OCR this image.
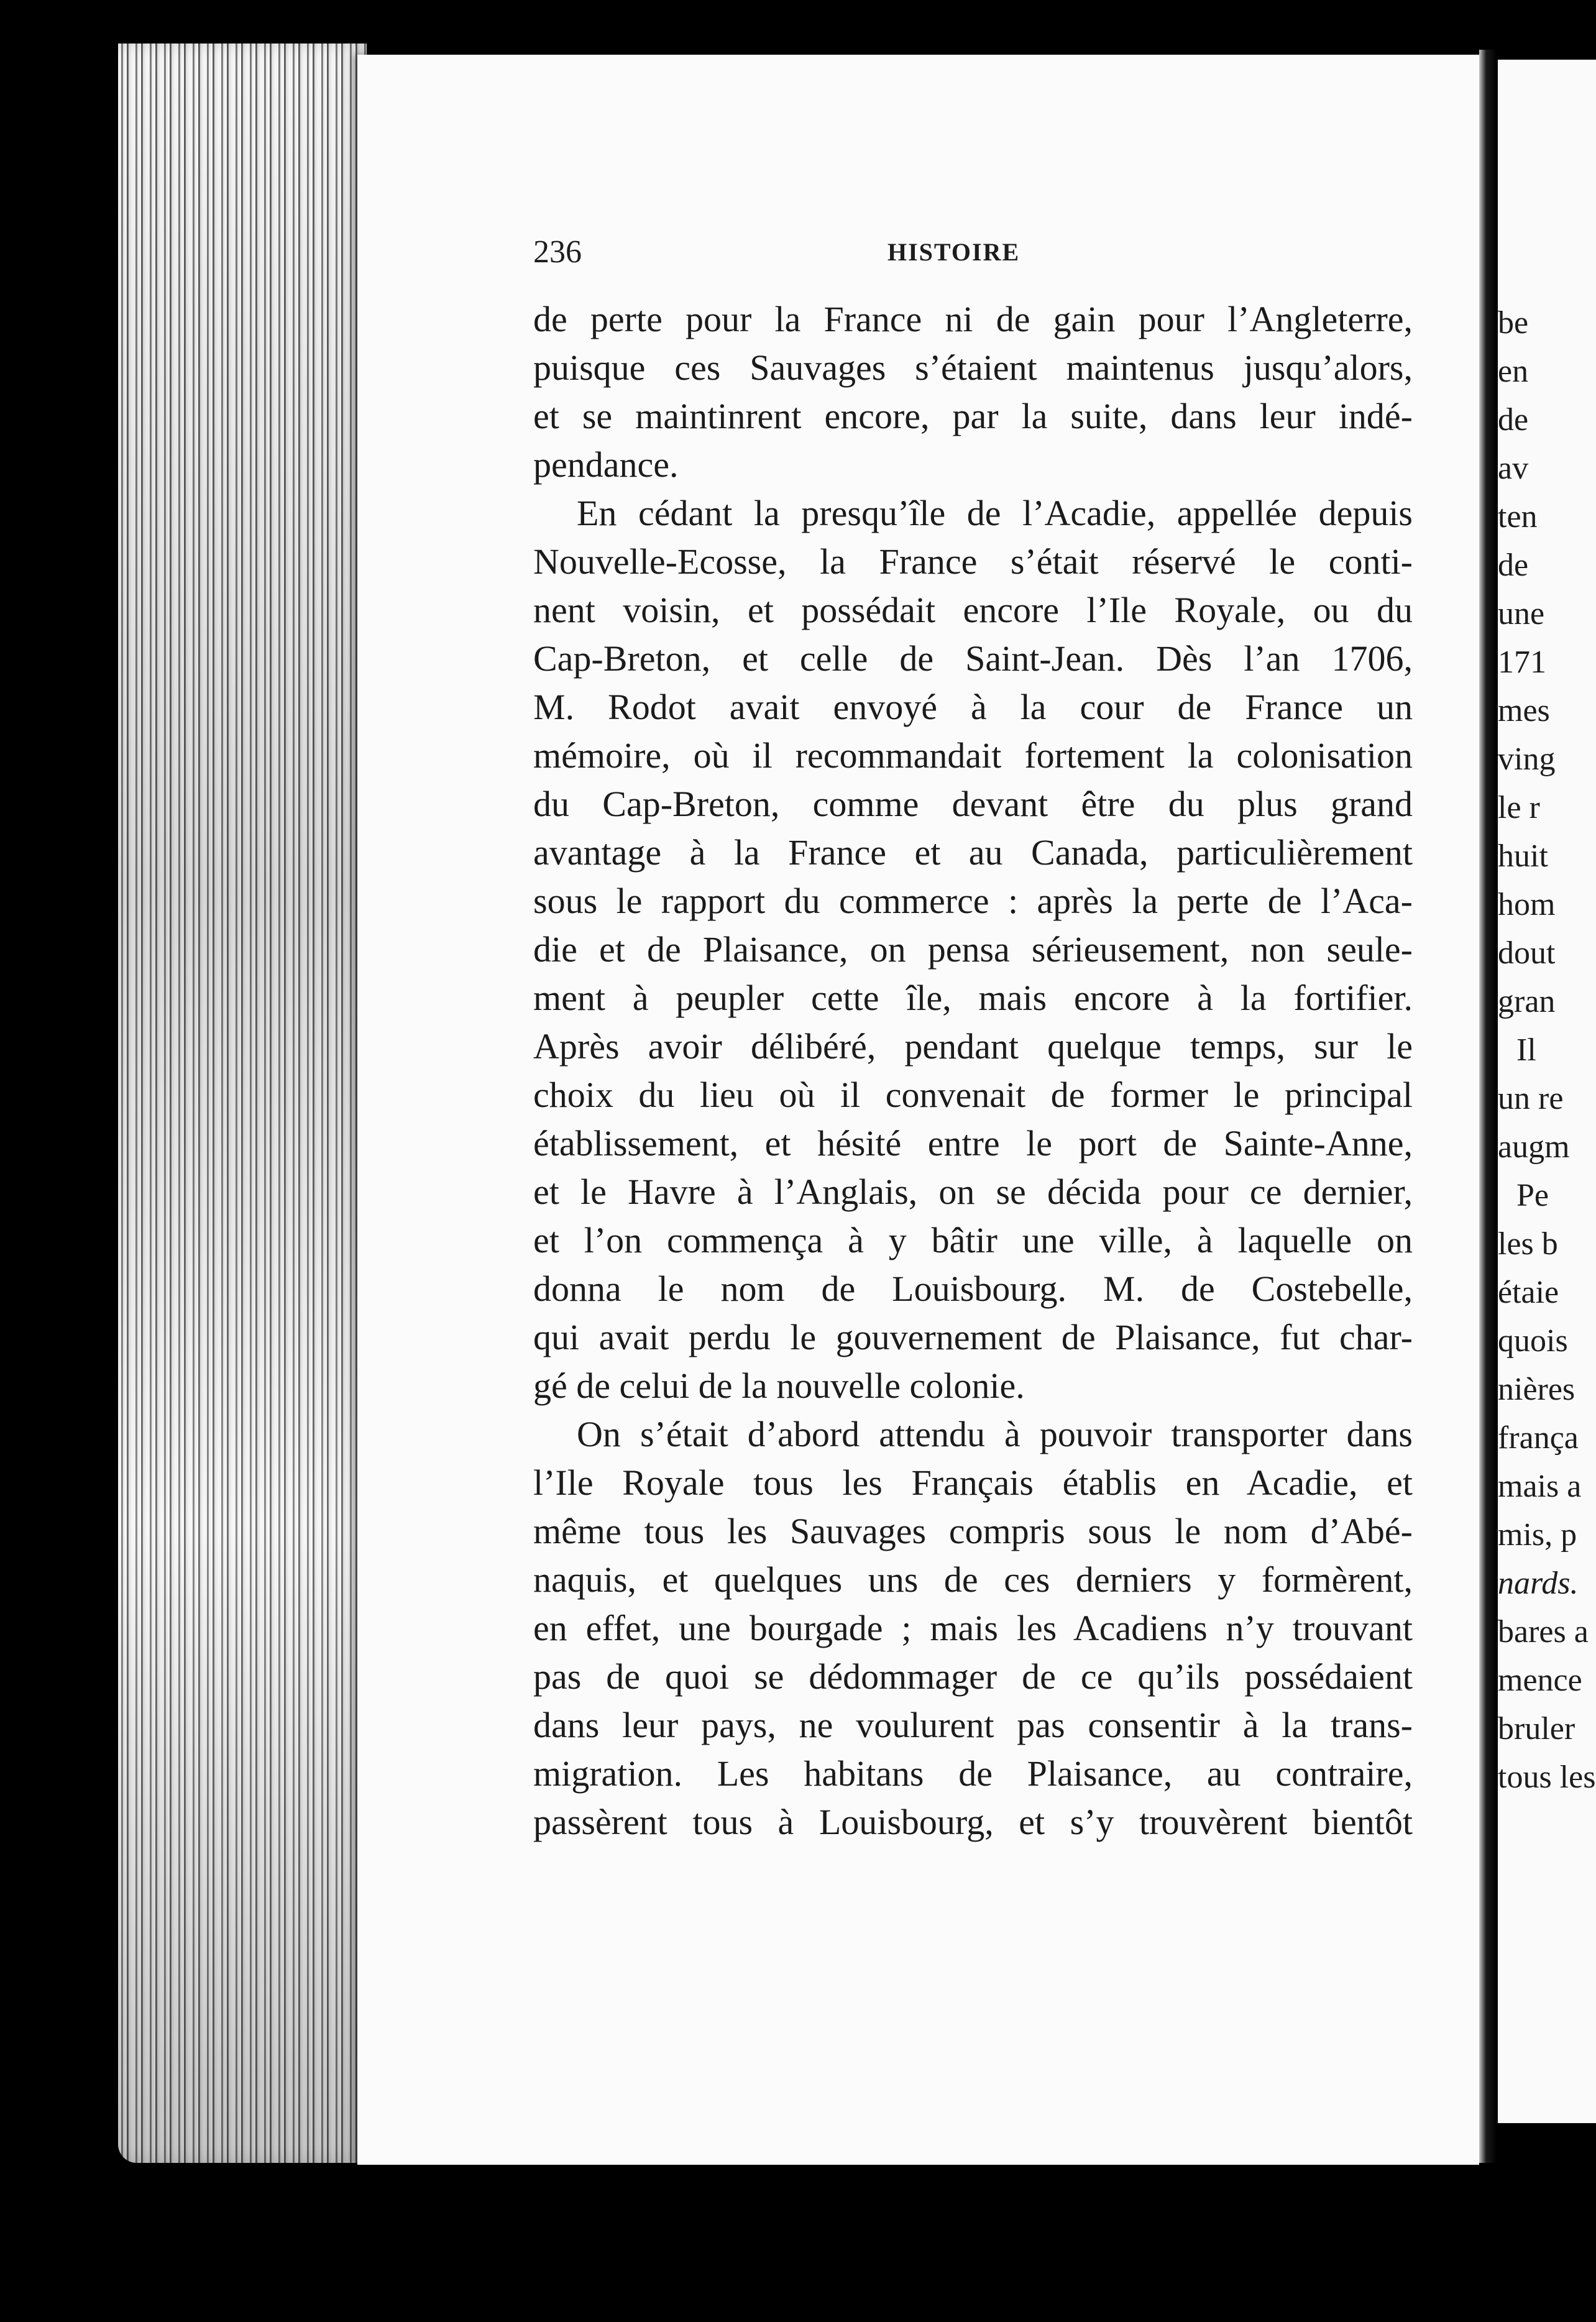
be
en
de
av
ten
de
une
171
mes
ving
le r
huit
hom
dout
gran
Il
un re
augm
Pe
les b
étaie
quois
nières
frança
mais a
mis, p
nards.
bares a
mence
bruler
tous les
236	HISTOIRE

de perte pour la France ni de gain pour l’Angleterre,
puisque ces Sauvages s’étaient maintenus jusqu’alors,
et se maintinrent encore, par la suite, dans leur indé-
pendance.

En cédant la presqu’île de l’Acadie, appellée depuis
Nouvelle-Ecosse, la France s’était réservé le conti-
nent voisin, et possédait encore l’Ile Royale, ou du
Cap-Breton, et celle de Saint-Jean. Dès l’an 1706,
M. Rodot avait envoyé à la cour de France un
mémoire, où il recommandait fortement la colonisation
du Cap-Breton, comme devant être du plus grand
avantage à la France et au Canada, particulièrement
sous le rapport du commerce : après la perte de l’Aca-
die et de Plaisance, on pensa sérieusement, non seule-
ment à peupler cette île, mais encore à la fortifier.
Après avoir délibéré, pendant quelque temps, sur le
choix du lieu où il convenait de former le principal
établissement, et hésité entre le port de Sainte-Anne,
et le Havre à l’Anglais, on se décida pour ce dernier,
et l’on commença à y bâtir une ville, à laquelle on
donna le nom de Louisbourg. M. de Costebelle,
qui avait perdu le gouvernement de Plaisance, fut char-
gé de celui de la nouvelle colonie.

On s’était d’abord attendu à pouvoir transporter dans
l’Ile Royale tous les Français établis en Acadie, et
même tous les Sauvages compris sous le nom d’Abé-
naquis, et quelques uns de ces derniers y formèrent,
en effet, une bourgade ; mais les Acadiens n’y trouvant
pas de quoi se dédommager de ce qu’ils possédaient
dans leur pays, ne voulurent pas consentir à la trans-
migration. Les habitans de Plaisance, au contraire,
passèrent tous à Louisbourg, et s’y trouvèrent bientôt
